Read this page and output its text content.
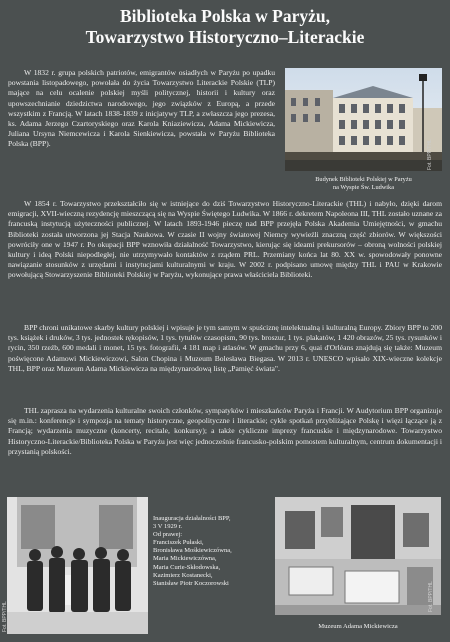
Biblioteka Polska w Paryżu,
Towarzystwo Historyczno–Literackie

W 1832 r. grupa polskich patriotów, emigrantów osiadłych w Paryżu po upadku powstania listopadowego, powołała do życia Towarzystwo Literackie Polskie (TLP) mające na celu ocalenie polskiej myśli politycznej, historii i kultury oraz upowszechnianie dziedzictwa narodowego, jego związków z Europą, a przede wszystkim z Francją. W latach 1838-1839 z inicjatywy TLP, a zwłaszcza jego prezesa, ks. Adama Jerzego Czartoryskiego oraz Karola Kniaziewicza, Adama Mickiewicza, Juliana Ursyna Niemcewicza i Karola Sienkiewicza, powstała w Paryżu Biblioteka Polska (BPP).	Fot. BPP/THL
Budynek Biblioteki Polskiej w Paryżu
na Wyspie Św. Ludwika

W 1854 r. Towarzystwo przekształciło się w istniejące do dziś Towarzystwo Historyczno-Literackie (THL) i nabyło, dzięki darom emigracji, XVII-wieczną rezydencję mieszczącą się na Wyspie Świętego Ludwika. W 1866 r. dekretem Napoleona III, THL zostało uznane za francuską instytucją użyteczności publicznej. W latach 1893-1946 pieczę nad BPP przejęła Polska Akademia Umiejętności, w gmachu Biblioteki została utworzona jej Stacja Naukowa. W czasie II wojny światowej Niemcy wywieźli znaczną część zbiorów. W większości powróciły one w 1947 r. Po okupacji BPP wznowiła działalność Towarzystwo, kierując się ideami prekursorów – obroną wolności polskiej kultury i ideą Polski niepodległej, nie utrzymywało kontaktów z rządem PRL. Przemiany końca lat 80. XX w. spowodowały ponowne nawiązanie stosunków z urzędami i instytucjami kulturalnymi w kraju. W 2002 r. podpisano umowę między THL i PAU w Krakowie powołującą Stowarzyszenie Biblioteki Polskiej w Paryżu, wykonujące prawa właściciela Biblioteki.

BPP chroni unikatowe skarby kultury polskiej i wpisuje je tym samym w spuściznę intelektualną i kulturalną Europy. Zbiory BPP to 200 tys. książek i druków, 3 tys. jednostek rękopisów, 1 tys. tytułów czasopism, 90 tys. broszur, 1 tys. plakatów, 1 420 obrazów, 25 tys. rysunków i rycin, 350 rzeźb, 600 medali i monet, 15 tys. fotografii, 4 181 map i atlasów. W gmachu przy 6, quai d'Orléans znajdują się także: Muzeum poświęcone Adamowi Mickiewiczowi, Salon Chopina i Muzeum Bolesława Biegasa. W 2013 r. UNESCO wpisało XIX-wieczne kolekcje THL, BPP oraz Muzeum Adama Mickiewicza na międzynarodową listę „Pamięć świata".

THL zaprasza na wydarzenia kulturalne swoich członków, sympatyków i mieszkańców Paryża i Francji. W Audytorium BPP organizuje się m.in.: konferencje i sympozja na tematy historyczne, geopolityczne i literackie; cykle spotkań przybliżające Polskę i więzi łączące ją z Francją; wydarzenia muzyczne (koncerty, recitale, konkursy); a także cykliczne imprezy francuskie i międzynarodowe. Towarzystwo Historyczno-Literackie/Biblioteka Polska w Paryżu jest więc jednocześnie francusko-polskim pomostem kulturalnym, centrum dokumentacji i przystanią polskości.

Fot. BPP/THL
Inauguracja działalności BPP,
3 V 1929 r.
Od prawej:
Franciszek Pułaski,
Bronisława Mośkiewiczówna,
Maria Mickiewiczówna,
Maria Curie-Skłodowska,
Kazimierz Kostanecki,
Stanisław Piotr Koczorowski	Fot. BPP/THL
Muzeum Adama Mickiewicza
